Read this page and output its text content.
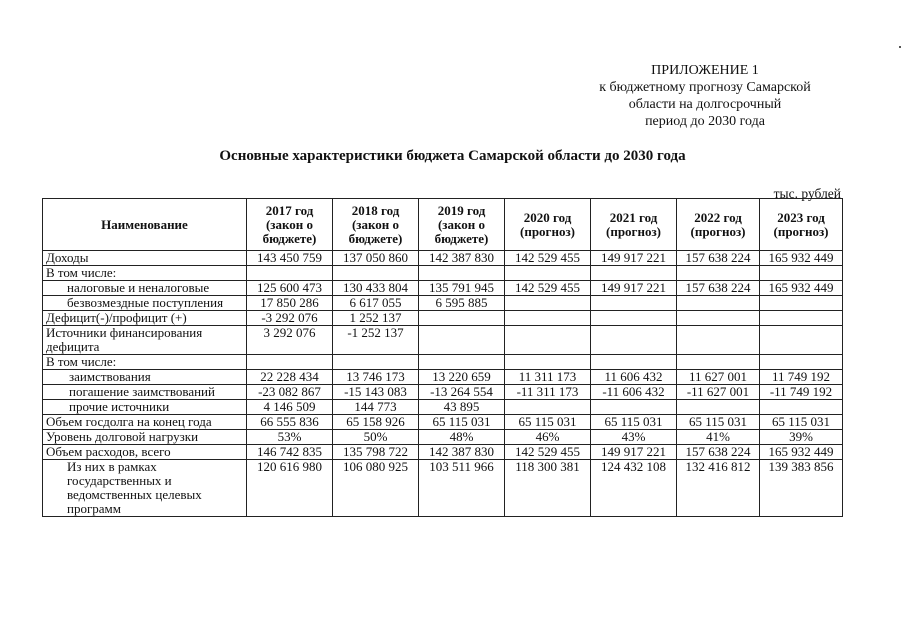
ПРИЛОЖЕНИЕ 1
к бюджетному прогнозу Самарской
области на долгосрочный
период до 2030 года
Основные характеристики бюджета Самарской области до 2030 года
тыс. рублей
Наименование	2017 год (закон о бюджете)	2018 год (закон о бюджете)	2019 год (закон о бюджете)	2020 год (прогноз)	2021 год (прогноз)	2022 год (прогноз)	2023 год (прогноз)
Доходы	143 450 759	137 050 860	142 387 830	142 529 455	149 917 221	157 638 224	165 932 449
В том числе:							
налоговые и неналоговые	125 600 473	130 433 804	135 791 945	142 529 455	149 917 221	157 638 224	165 932 449
безвозмездные поступления	17 850 286	6 617 055	6 595 885				
Дефицит(-)/профицит (+)	-3 292 076	1 252 137					
Источники финансирования дефицита	3 292 076	-1 252 137					
В том числе:							
заимствования	22 228 434	13 746 173	13 220 659	11 311 173	11 606 432	11 627 001	11 749 192
погашение заимствований	-23 082 867	-15 143 083	-13 264 554	-11 311 173	-11 606 432	-11 627 001	-11 749 192
прочие источники	4 146 509	144 773	43 895				
Объем госдолга на конец года	66 555 836	65 158 926	65 115 031	65 115 031	65 115 031	65 115 031	65 115 031
Уровень долговой нагрузки	53%	50%	48%	46%	43%	41%	39%
Объем расходов, всего	146 742 835	135 798 722	142 387 830	142 529 455	149 917 221	157 638 224	165 932 449
Из них в рамках государственных и ведомственных целевых программ	120 616 980	106 080 925	103 511 966	118 300 381	124 432 108	132 416 812	139 383 856
